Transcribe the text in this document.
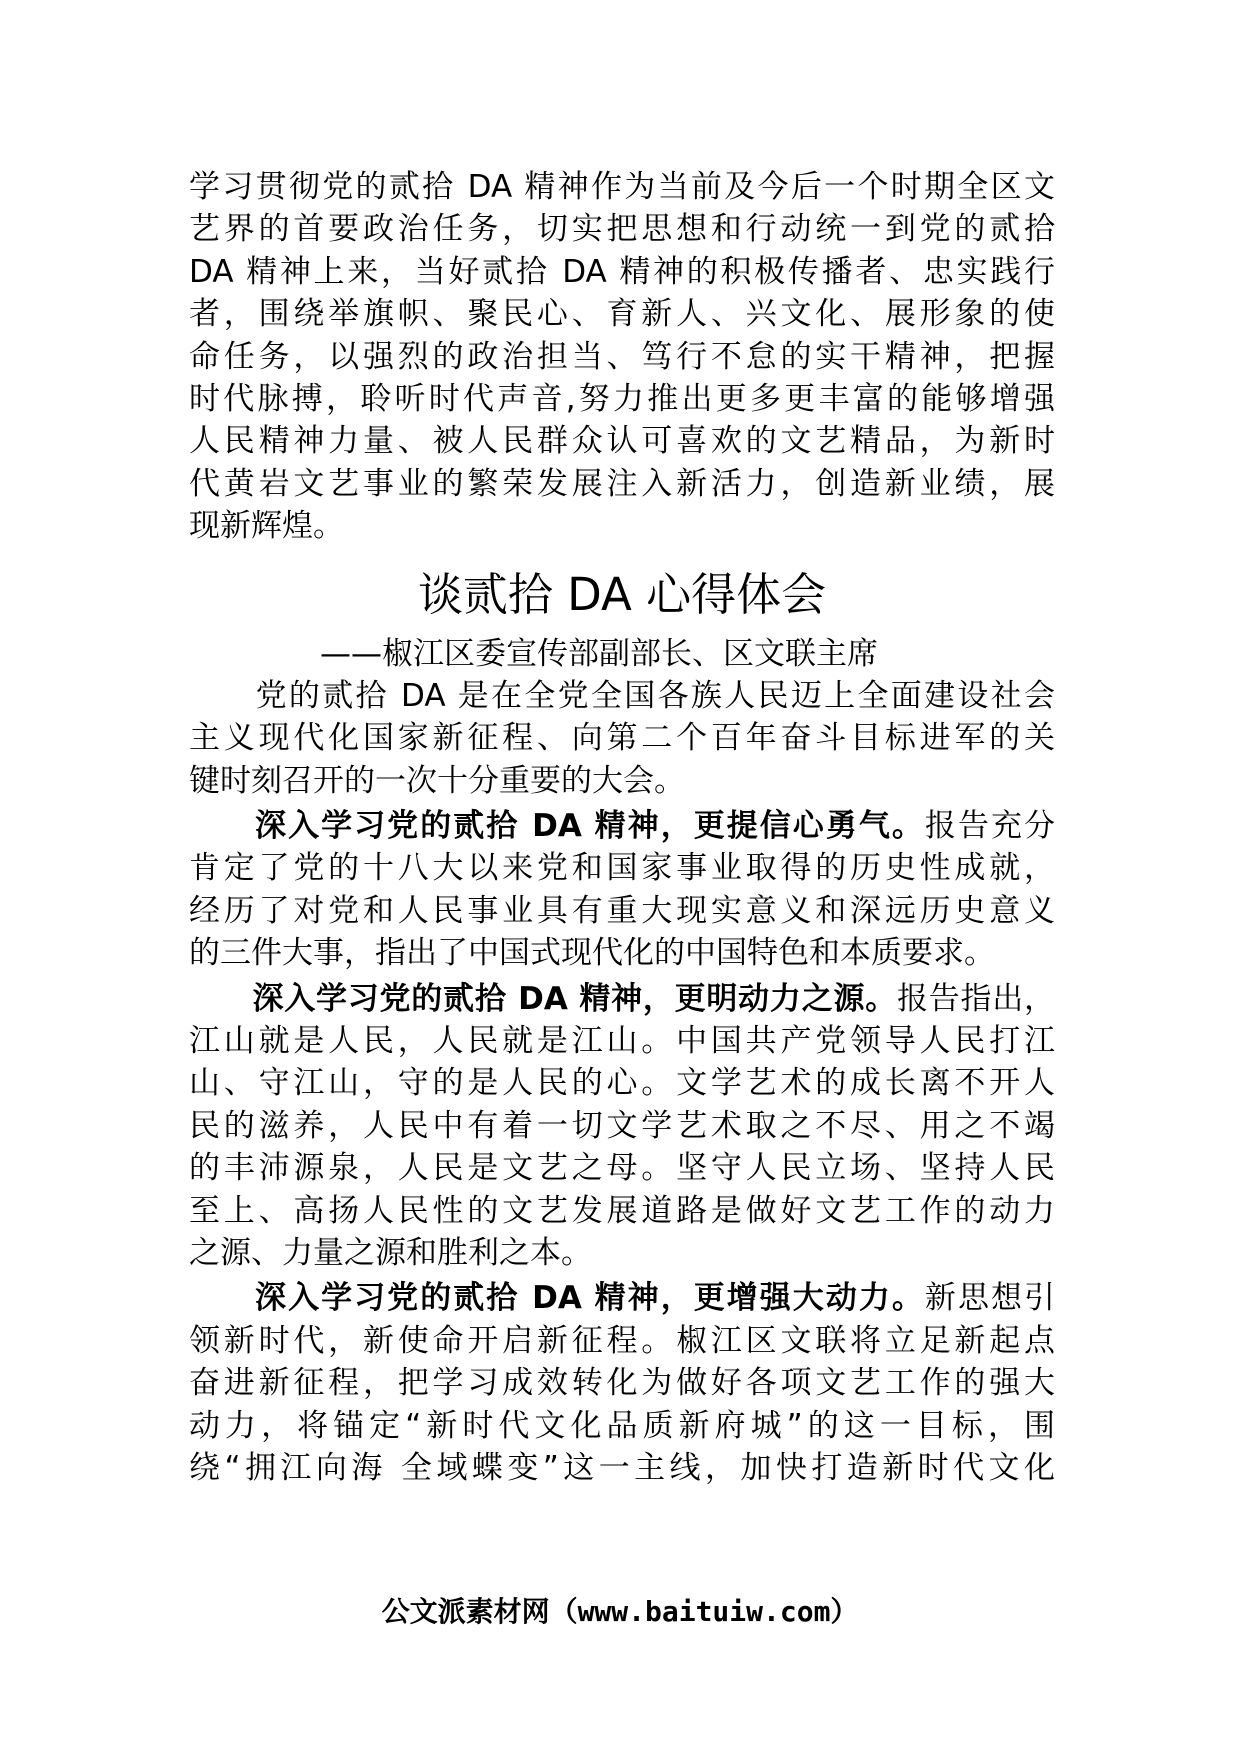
学习贯彻党的贰拾 DA 精神作为当前及今后一个时期全区文
艺界的首要政治任务，切实把思想和行动统一到党的贰拾
DA 精神上来，当好贰拾 DA 精神的积极传播者、忠实践行
者，围绕举旗帜、聚民心、育新人、兴文化、展形象的使
命任务，以强烈的政治担当、笃行不怠的实干精神，把握
时代脉搏，聆听时代声音,努力推出更多更丰富的能够增强
人民精神力量、被人民群众认可喜欢的文艺精品，为新时
代黄岩文艺事业的繁荣发展注入新活力，创造新业绩，展
现新辉煌。
谈贰拾 DA 心得体会
——椒江区委宣传部副部长、区文联主席
　　党的贰拾 DA 是在全党全国各族人民迈上全面建设社会
主义现代化国家新征程、向第二个百年奋斗目标进军的关
键时刻召开的一次十分重要的大会。
　　深入学习党的贰拾 DA 精神，更提信心勇气。报告充分
肯定了党的十八大以来党和国家事业取得的历史性成就，
经历了对党和人民事业具有重大现实意义和深远历史意义
的三件大事，指出了中国式现代化的中国特色和本质要求。
　　深入学习党的贰拾 DA 精神，更明动力之源。报告指出，
江山就是人民，人民就是江山。中国共产党领导人民打江
山、守江山，守的是人民的心。文学艺术的成长离不开人
民的滋养，人民中有着一切文学艺术取之不尽、用之不竭
的丰沛源泉，人民是文艺之母。坚守人民立场、坚持人民
至上、高扬人民性的文艺发展道路是做好文艺工作的动力
之源、力量之源和胜利之本。
　　深入学习党的贰拾 DA 精神，更增强大动力。新思想引
领新时代，新使命开启新征程。椒江区文联将立足新起点
奋进新征程，把学习成效转化为做好各项文艺工作的强大
动力，将锚定“新时代文化品质新府城”的这一目标，围
绕“拥江向海 全域蝶变”这一主线，加快打造新时代文化
公文派素材网（www.baituiw.com）
